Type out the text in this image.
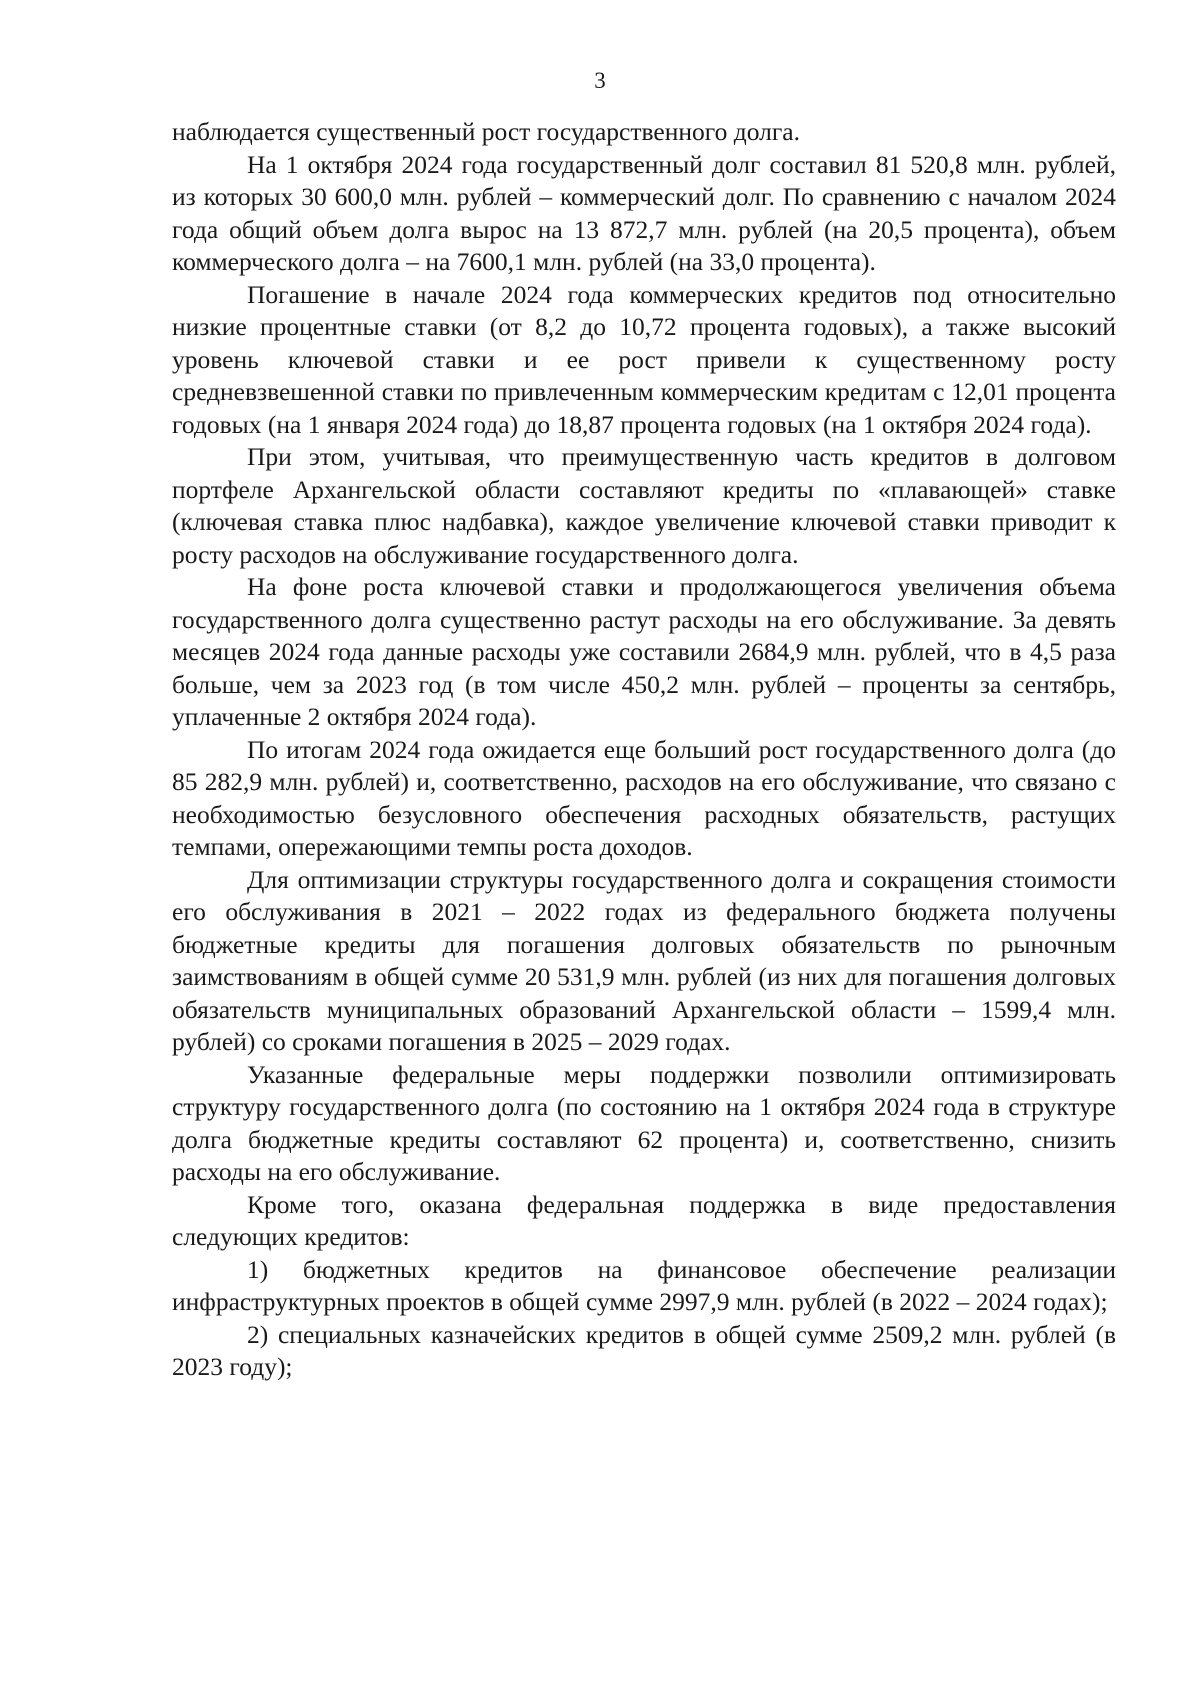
3

наблюдается существенный рост государственного долга.

На 1 октября 2024 года государственный долг составил 81 520,8 млн. рублей, из которых 30 600,0 млн. рублей – коммерческий долг. По сравнению с началом 2024 года общий объем долга вырос на 13 872,7 млн. рублей (на 20,5 процента), объем коммерческого долга – на 7600,1 млн. рублей (на 33,0 процента).

Погашение в начале 2024 года коммерческих кредитов под относительно низкие процентные ставки (от 8,2 до 10,72 процента годовых), а также высокий уровень ключевой ставки и ее рост привели к существенному росту средневзвешенной ставки по привлеченным коммерческим кредитам с 12,01 процента годовых (на 1 января 2024 года) до 18,87 процента годовых (на 1 октября 2024 года).

При этом, учитывая, что преимущественную часть кредитов в долговом портфеле Архангельской области составляют кредиты по «плавающей» ставке (ключевая ставка плюс надбавка), каждое увеличение ключевой ставки приводит к росту расходов на обслуживание государственного долга.

На фоне роста ключевой ставки и продолжающегося увеличения объема государственного долга существенно растут расходы на его обслуживание. За девять месяцев 2024 года данные расходы уже составили 2684,9 млн. рублей, что в 4,5 раза больше, чем за 2023 год (в том числе 450,2 млн. рублей – проценты за сентябрь, уплаченные 2 октября 2024 года).

По итогам 2024 года ожидается еще больший рост государственного долга (до 85 282,9 млн. рублей) и, соответственно, расходов на его обслуживание, что связано с необходимостью безусловного обеспечения расходных обязательств, растущих темпами, опережающими темпы роста доходов.

Для оптимизации структуры государственного долга и сокращения стоимости его обслуживания в 2021 – 2022 годах из федерального бюджета получены бюджетные кредиты для погашения долговых обязательств по рыночным заимствованиям в общей сумме 20 531,9 млн. рублей (из них для погашения долговых обязательств муниципальных образований Архангельской области – 1599,4 млн. рублей) со сроками погашения в 2025 – 2029 годах.

Указанные федеральные меры поддержки позволили оптимизировать структуру государственного долга (по состоянию на 1 октября 2024 года в структуре долга бюджетные кредиты составляют 62 процента) и, соответственно, снизить расходы на его обслуживание.

Кроме того, оказана федеральная поддержка в виде предоставления следующих кредитов:

1) бюджетных кредитов на финансовое обеспечение реализации инфраструктурных проектов в общей сумме 2997,9 млн. рублей (в 2022 – 2024 годах);

2) специальных казначейских кредитов в общей сумме 2509,2 млн. рублей (в 2023 году);
